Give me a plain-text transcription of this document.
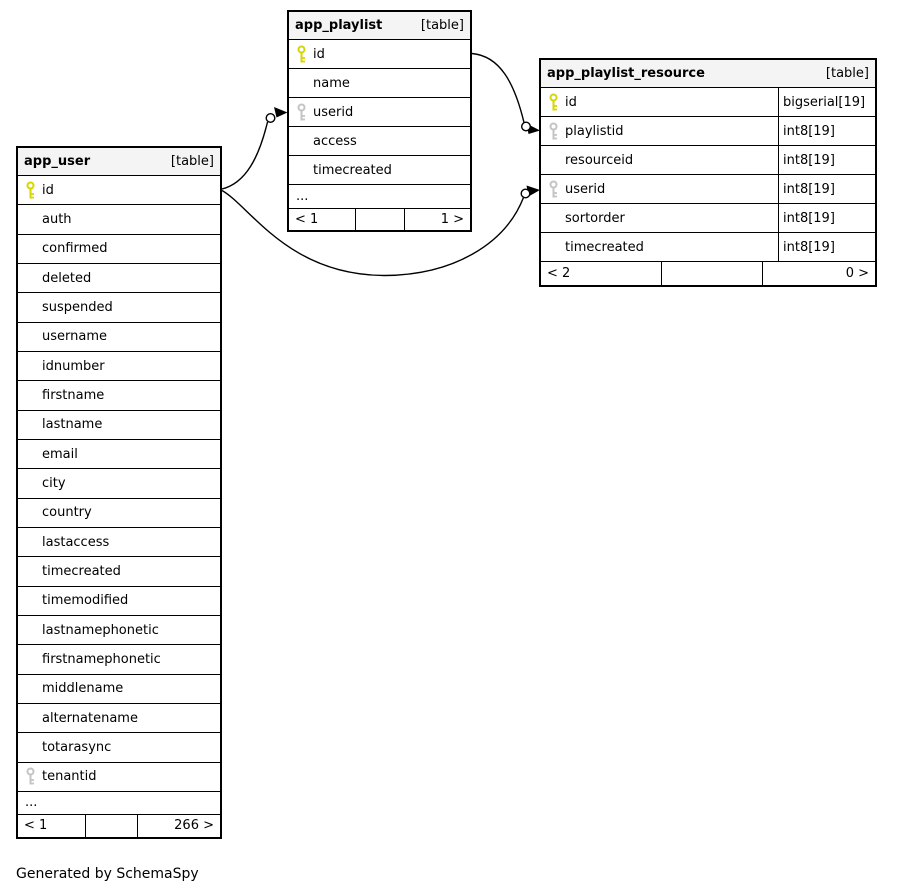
app_playlist	[table]
id
name
userid
access
timecreated
...
< 1	1 >
app_playlist_resource	[table]
id	bigserial[19]
playlistid	int8[19]
resourceid	int8[19]
userid	int8[19]
sortorder	int8[19]
timecreated	int8[19]
< 2	0 >
app_user	[table]
id
auth
confirmed
deleted
suspended
username
idnumber
firstname
lastname
email
city
country
lastaccess
timecreated
timemodified
lastnamephonetic
firstnamephonetic
middlename
alternatename
totarasync
tenantid
...
< 1	266 >
Generated by SchemaSpy
